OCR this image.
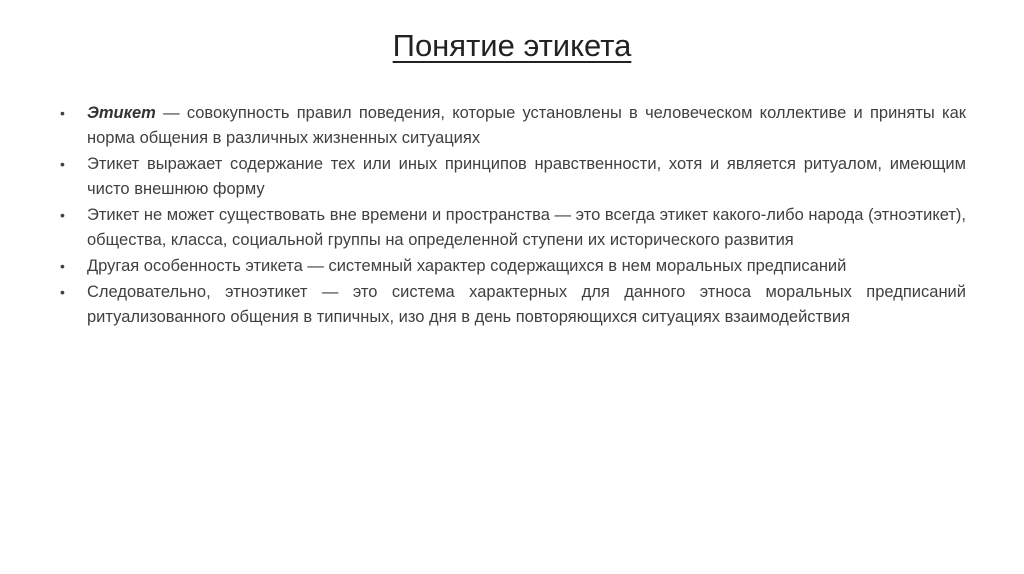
Понятие этикета
•	Этикет — совокупность правил поведения, которые установлены в человеческом коллективе и приняты как норма общения в различных жизненных ситуациях
•	Этикет выражает содержание тех или иных принципов нравственности, хотя и является ритуалом, имеющим чисто внешнюю форму
•	Этикет не может существовать вне времени и пространства — это всегда этикет какого-либо народа (этноэтикет), общества, класса, социальной группы на определенной ступени их исторического развития
•	Другая особенность этикета — системный характер содержащихся в нем моральных предписаний
•	Следовательно, этноэтикет — это система характерных для данного этноса моральных предписаний ритуализованного общения в типичных, изо дня в день повторяющихся ситуациях взаимодействия
